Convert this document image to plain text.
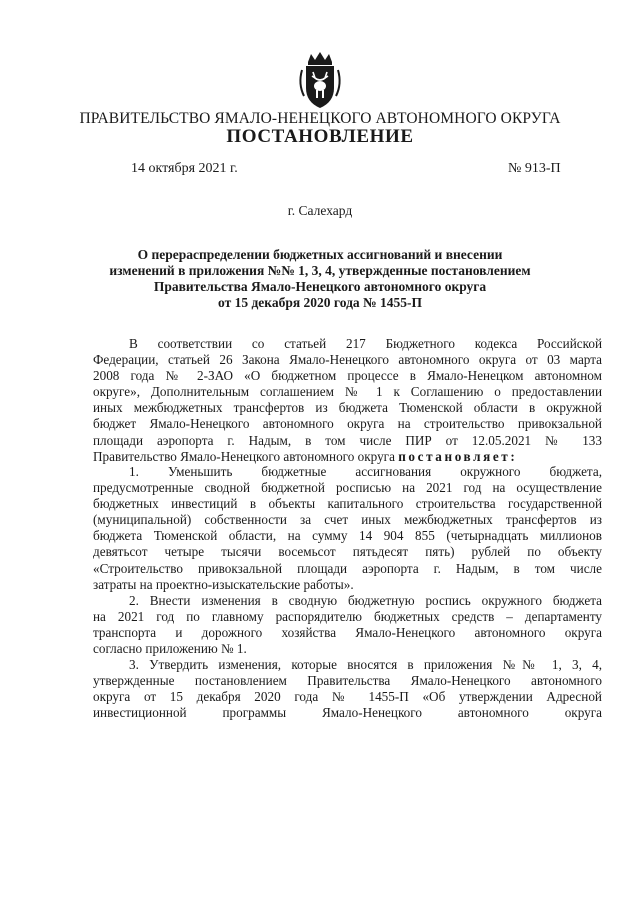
ПРАВИТЕЛЬСТВО ЯМАЛО-НЕНЕЦКОГО АВТОНОМНОГО ОКРУГА
ПОСТАНОВЛЕНИЕ
14 октября 2021 г.	№ 913-П
г. Салехард
О перераспределении бюджетных ассигнований и внесении
изменений в приложения №№ 1, 3, 4, утвержденные постановлением
Правительства Ямало-Ненецкого автономного округа
от 15 декабря 2020 года № 1455-П
В соответствии со статьей 217 Бюджетного кодекса Российской
Федерации, статьей 26 Закона Ямало-Ненецкого автономного округа от 03 марта
2008 года № 2-ЗАО «О бюджетном процессе в Ямало-Ненецком автономном
округе», Дополнительным соглашением № 1 к Соглашению о предоставлении
иных межбюджетных трансфертов из бюджета Тюменской области в окружной
бюджет Ямало-Ненецкого автономного округа на строительство привокзальной
площади аэропорта г. Надым, в том числе ПИР от 12.05.2021 № 133
Правительство Ямало-Ненецкого автономного округа постановляет:
1. Уменьшить бюджетные ассигнования окружного бюджета,
предусмотренные сводной бюджетной росписью на 2021 год на осуществление
бюджетных инвестиций в объекты капитального строительства государственной
(муниципальной) собственности за счет иных межбюджетных трансфертов из
бюджета Тюменской области, на сумму 14 904 855 (четырнадцать миллионов
девятьсот четыре тысячи восемьсот пятьдесят пять) рублей по объекту
«Строительство привокзальной площади аэропорта г. Надым, в том числе
затраты на проектно-изыскательские работы».
2. Внести изменения в сводную бюджетную роспись окружного бюджета
на 2021 год по главному распорядителю бюджетных средств – департаменту
транспорта и дорожного хозяйства Ямало-Ненецкого автономного округа
согласно приложению № 1.
3. Утвердить изменения, которые вносятся в приложения №№ 1, 3, 4,
утвержденные постановлением Правительства Ямало-Ненецкого автономного
округа от 15 декабря 2020 года № 1455-П «Об утверждении Адресной
инвестиционной программы Ямало-Ненецкого автономного округа
